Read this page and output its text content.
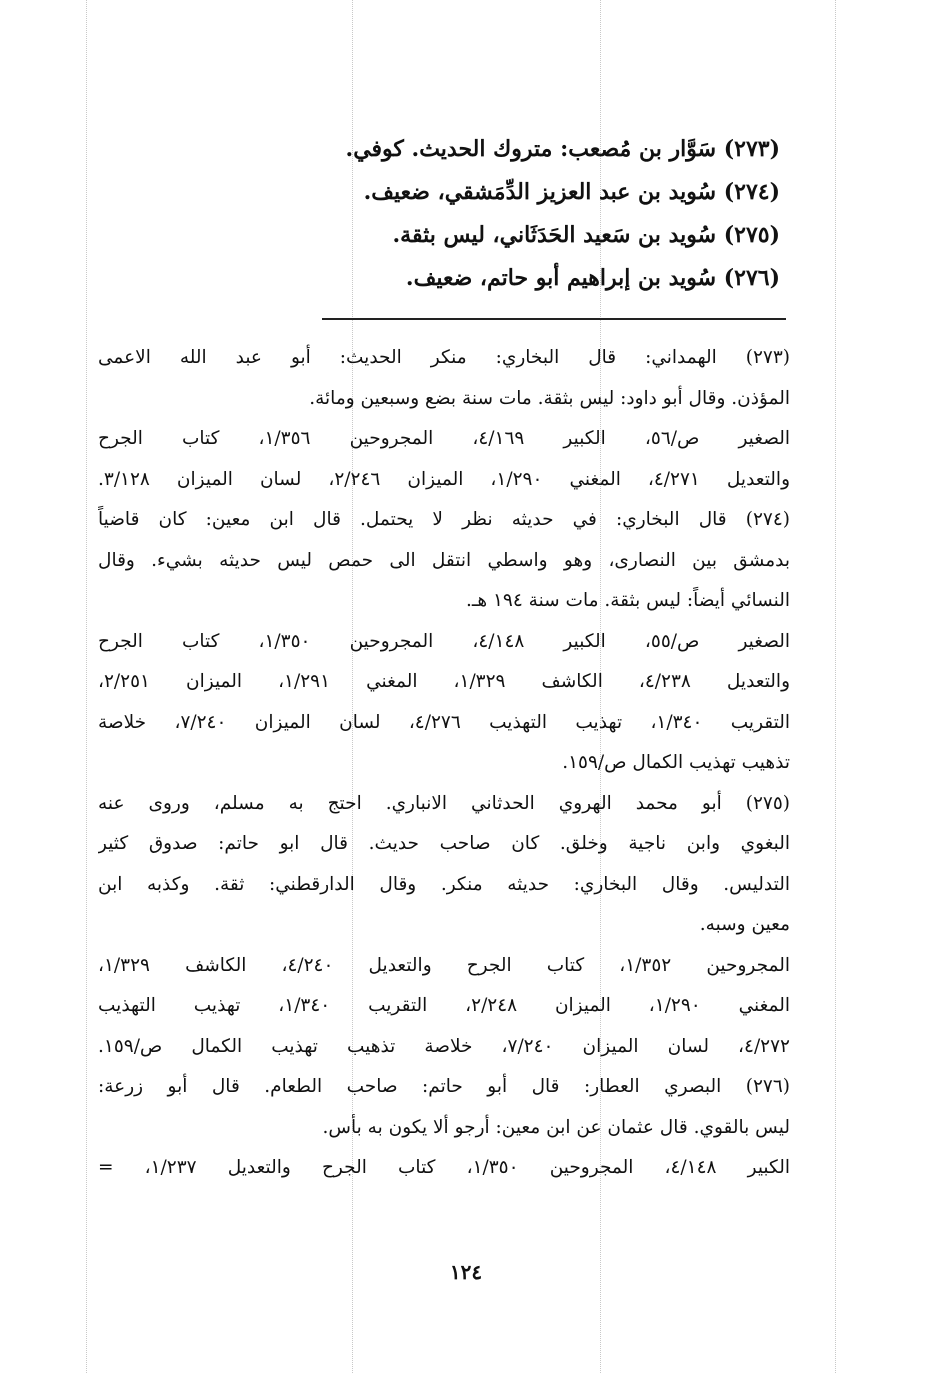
(٢٧٣) سَوَّار بن مُصعب: متروك الحديث. كوفي.
(٢٧٤) سُويد بن عبد العزيز الدِّمَشقي، ضعيف.
(٢٧٥) سُويد بن سَعيد الحَدَثَاني، ليس بثقة.
(٢٧٦) سُويد بن إبراهيم أبو حاتم، ضعيف.
(٢٧٣) الهمداني: قال البخاري: منكر الحديث: أبو عبد الله الاعمى
المؤذن. وقال أبو داود: ليس بثقة. مات سنة بضع وسبعين ومائة.
الصغير ص/٥٦، الكبير ٤/١٦٩، المجروحين ١/٣٥٦، كتاب الجرح
والتعديل ٤/٢٧١، المغني ١/٢٩٠، الميزان ٢/٢٤٦، لسان الميزان ٣/١٢٨.
(٢٧٤) قال البخاري: في حديثه نظر لا يحتمل. قال ابن معين: كان قاضياً
بدمشق بين النصارى، وهو واسطي انتقل الى حمص ليس حديثه بشيء. وقال
النسائي أيضاً: ليس بثقة. مات سنة ١٩٤ هـ.
الصغير ص/٥٥، الكبير ٤/١٤٨، المجروحين ١/٣٥٠، كتاب الجرح
والتعديل ٤/٢٣٨، الكاشف ١/٣٢٩، المغني ١/٢٩١، الميزان ٢/٢٥١،
التقريب ١/٣٤٠، تهذيب التهذيب ٤/٢٧٦، لسان الميزان ٧/٢٤٠، خلاصة
تذهيب تهذيب الكمال ص/١٥٩.
(٢٧٥) أبو محمد الهروي الحدثاني الانباري. احتج به مسلم، وروى عنه
البغوي وابن ناجية وخلق. كان صاحب حديث. قال ابو حاتم: صدوق كثير
التدليس. وقال البخاري: حديثه منكر. وقال الدارقطني: ثقة. وكذبه ابن
معين وسبه.
المجروحين ١/٣٥٢، كتاب الجرح والتعديل ٤/٢٤٠، الكاشف ١/٣٢٩،
المغني ١/٢٩٠، الميزان ٢/٢٤٨، التقريب ١/٣٤٠، تهذيب التهذيب
٤/٢٧٢، لسان الميزان ٧/٢٤٠، خلاصة تذهيب تهذيب الكمال ص/١٥٩.
(٢٧٦) البصري العطار: قال أبو حاتم: صاحب الطعام. قال أبو زرعة:
ليس بالقوي. قال عثمان عن ابن معين: أرجو ألا يكون به بأس.
الكبير ٤/١٤٨، المجروحين ١/٣٥٠، كتاب الجرح والتعديل ١/٢٣٧، =
١٢٤
